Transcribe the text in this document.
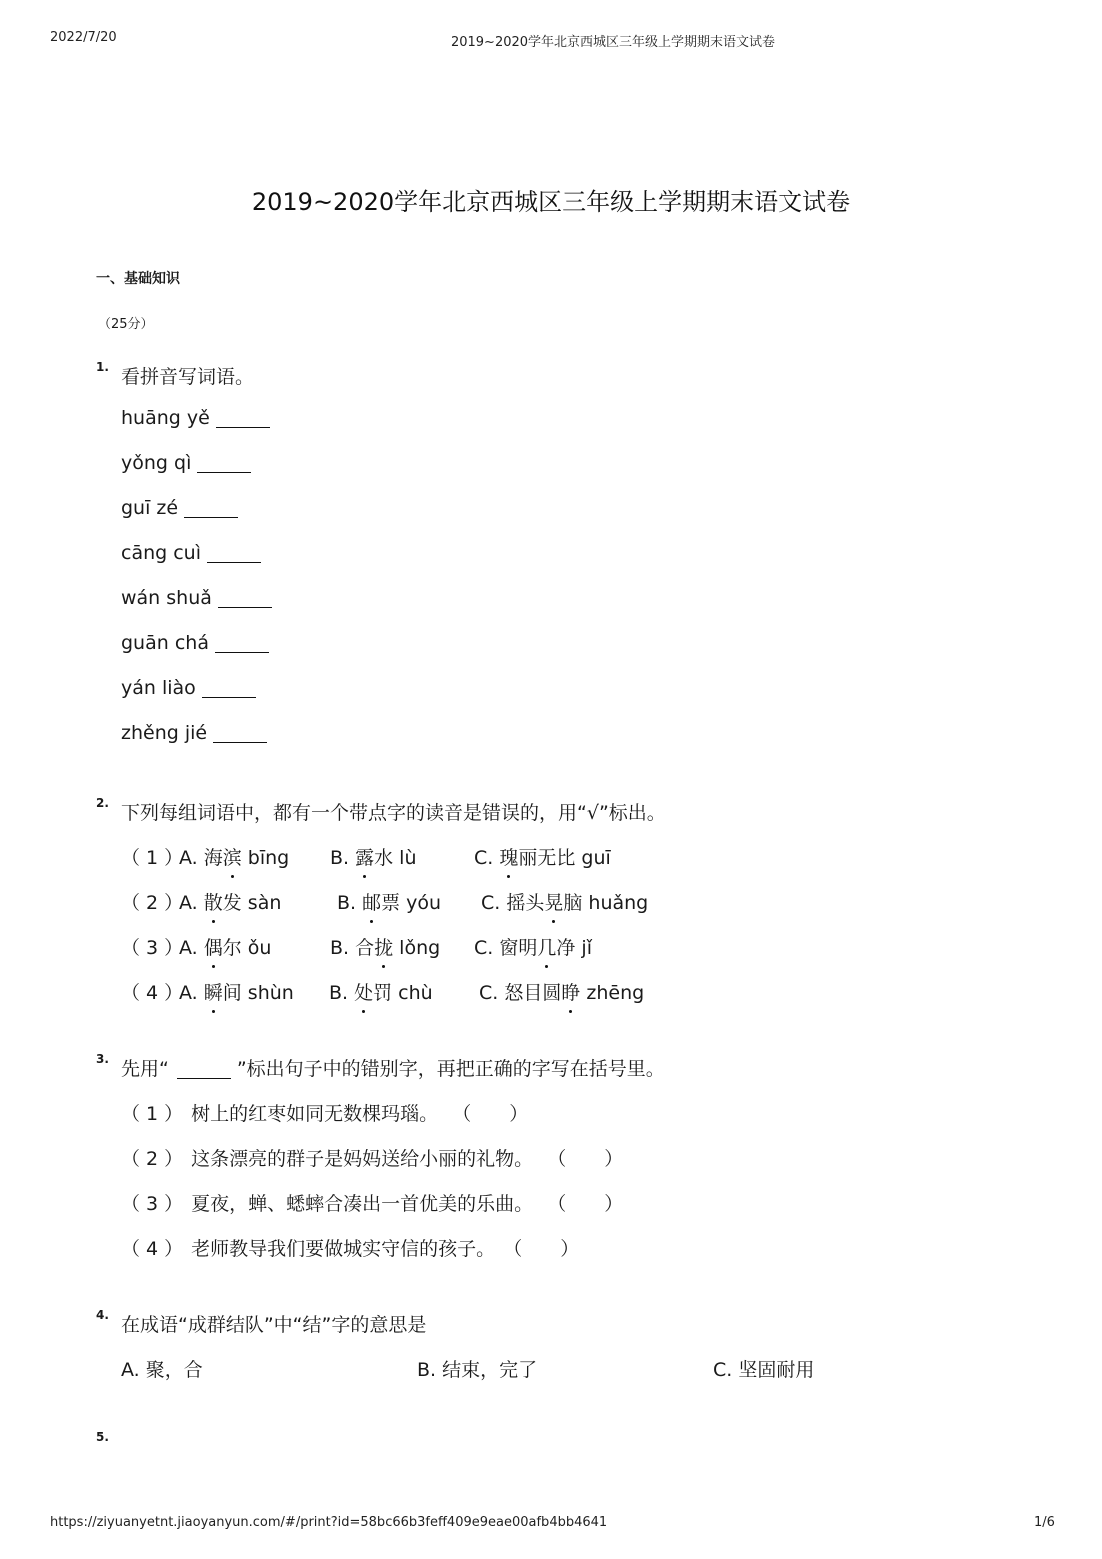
2022/7/20	2019~2020学年北京西城区三年级上学期期末语文试卷
2019~2020学年北京西城区三年级上学期期末语文试卷
一、基础知识
（25分）
1. 看拼音写词语。
huāng yě
yǒng qì
guī zé
cāng cuì
wán shuǎ
guān chá
yán liào
zhěng jié
2. 下列每组词语中，都有一个带点字的读音是错误的，用“√”标出。
（ 1 ）
A. 海滨 bīng B. 露水 lù	C. 瑰丽无比 guī
（ 2 ）
A. 散发 sàn	B. 邮票 yóu C. 摇头晃脑 huǎng
（ 3 ）
A. 偶尔 ǒu	B. 合拢 lǒng C. 窗明几净 jǐ
（ 4 ）
A. 瞬间 shùn B. 处罚 chù C. 怒目圆睁 zhēng
3. 先用“	”标出句子中的错别字，再把正确的字写在括号里。
（ 1 ） 树上的红枣如同无数棵玛瑙。 （　　）
（ 2 ） 这条漂亮的群子是妈妈送给小丽的礼物。 （　　）
（ 3 ） 夏夜，蝉、蟋蟀合凑出一首优美的乐曲。 （　　）
（ 4 ） 老师教导我们要做城实守信的孩子。 （　　）
4. 在成语“成群结队”中“结”字的意思是
A. 聚，合	B. 结束，完了	C. 坚固耐用
5.
https://ziyuanyetnt.jiaoyanyun.com/#/print?id=58bc66b3feff409e9eae00afb4bb4641	1/6
